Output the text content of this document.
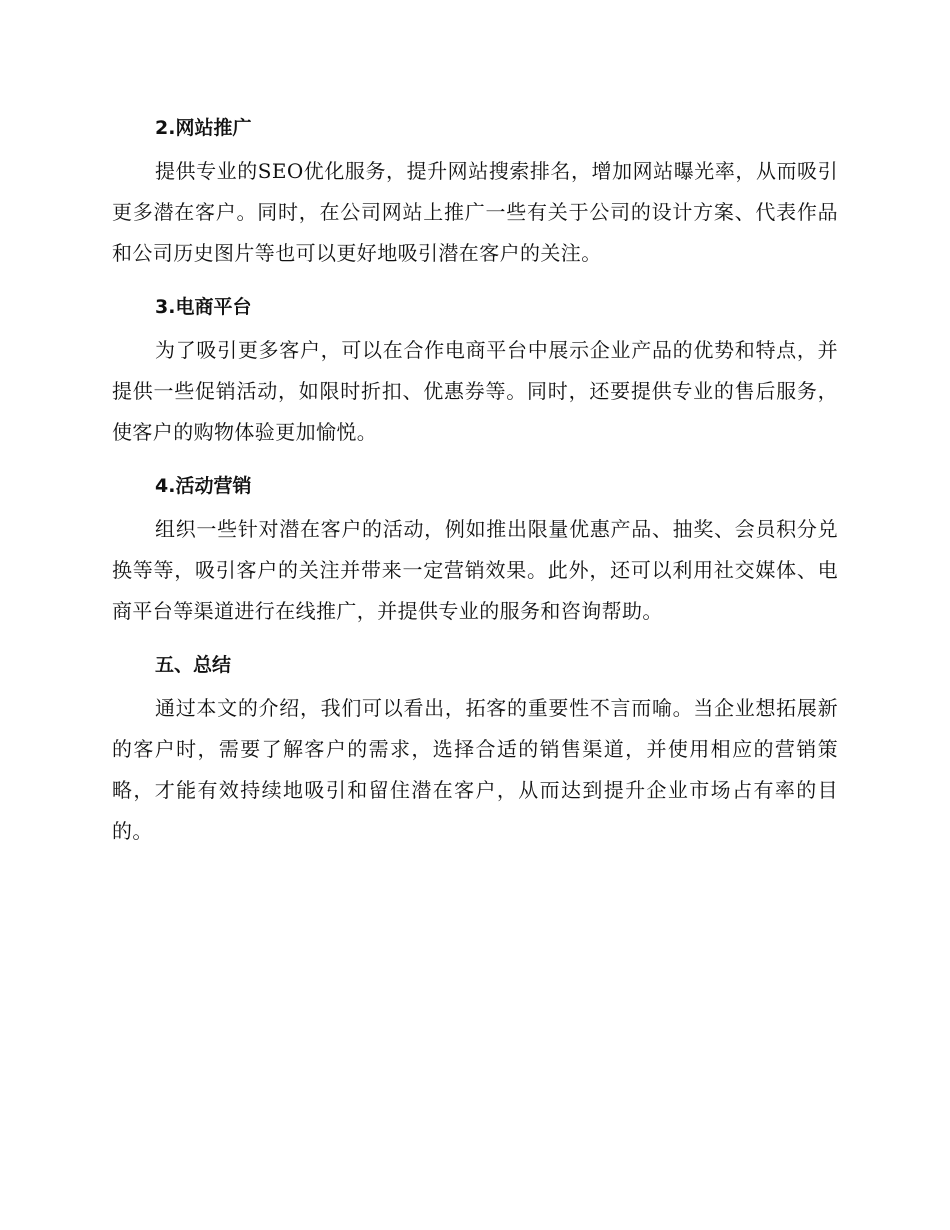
2.网站推广

提供专业的SEO优化服务，提升网站搜索排名，增加网站曝光率，从而吸引更多潜在客户。同时，在公司网站上推广一些有关于公司的设计方案、代表作品和公司历史图片等也可以更好地吸引潜在客户的关注。

3.电商平台

为了吸引更多客户，可以在合作电商平台中展示企业产品的优势和特点，并提供一些促销活动，如限时折扣、优惠券等。同时，还要提供专业的售后服务，使客户的购物体验更加愉悦。

4.活动营销

组织一些针对潜在客户的活动，例如推出限量优惠产品、抽奖、会员积分兑换等等，吸引客户的关注并带来一定营销效果。此外，还可以利用社交媒体、电商平台等渠道进行在线推广，并提供专业的服务和咨询帮助。

五、总结

通过本文的介绍，我们可以看出，拓客的重要性不言而喻。当企业想拓展新的客户时，需要了解客户的需求，选择合适的销售渠道，并使用相应的营销策略，才能有效持续地吸引和留住潜在客户，从而达到提升企业市场占有率的目的。
